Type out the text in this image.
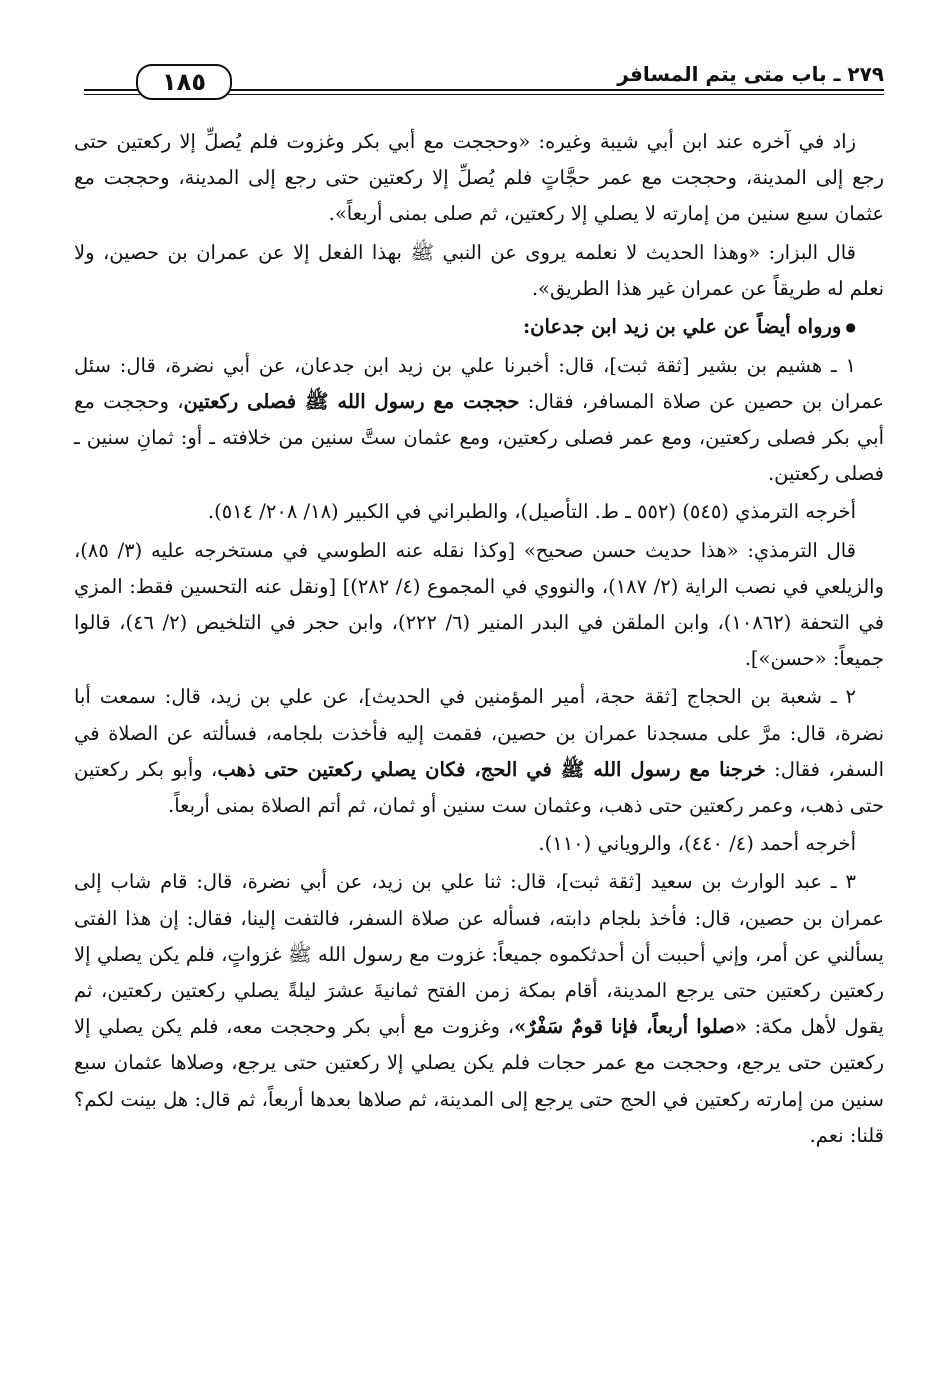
١٨٥	٢٧٩ ـ باب متى يتم المسافر

زاد في آخره عند ابن أبي شيبة وغيره: «وحججت مع أبي بكر وغزوت فلم يُصلِّ إلا ركعتين حتى رجع إلى المدينة، وحججت مع عمر حجَّاتٍ فلم يُصلِّ إلا ركعتين حتى رجع إلى المدينة، وحججت مع عثمان سبع سنين من إمارته لا يصلي إلا ركعتين، ثم صلى بمنى أربعاً».

قال البزار: «وهذا الحديث لا نعلمه يروى عن النبي ﷺ بهذا الفعل إلا عن عمران بن حصين، ولا نعلم له طريقاً عن عمران غير هذا الطريق».

● ورواه أيضاً عن علي بن زيد ابن جدعان:

١ ـ هشيم بن بشير [ثقة ثبت]، قال: أخبرنا علي بن زيد ابن جدعان، عن أبي نضرة، قال: سئل عمران بن حصين عن صلاة المسافر، فقال: حججت مع رسول الله ﷺ فصلى ركعتين، وحججت مع أبي بكر فصلى ركعتين، ومع عمر فصلى ركعتين، ومع عثمان ستَّ سنين من خلافته ـ أو: ثمانِ سنين ـ فصلى ركعتين.

أخرجه الترمذي (٥٤٥) (٥٥٢ ـ ط. التأصيل)، والطبراني في الكبير (١٨/ ٢٠٨/ ٥١٤).

قال الترمذي: «هذا حديث حسن صحيح» [وكذا نقله عنه الطوسي في مستخرجه عليه (٣/ ٨٥)، والزيلعي في نصب الراية (٢/ ١٨٧)، والنووي في المجموع (٤/ ٢٨٢)] [ونقل عنه التحسين فقط: المزي في التحفة (١٠٨٦٢)، وابن الملقن في البدر المنير (٦/ ٢٢٢)، وابن حجر في التلخيص (٢/ ٤٦)، قالوا جميعاً: «حسن»].

٢ ـ شعبة بن الحجاج [ثقة حجة، أمير المؤمنين في الحديث]، عن علي بن زيد، قال: سمعت أبا نضرة، قال: مرَّ على مسجدنا عمران بن حصين، فقمت إليه فأخذت بلجامه، فسألته عن الصلاة في السفر، فقال: خرجنا مع رسول الله ﷺ في الحج، فكان يصلي ركعتين حتى ذهب، وأبو بكر ركعتين حتى ذهب، وعمر ركعتين حتى ذهب، وعثمان ست سنين أو ثمان، ثم أتم الصلاة بمنى أربعاً.

أخرجه أحمد (٤/ ٤٤٠)، والروياني (١١٠).

٣ ـ عبد الوارث بن سعيد [ثقة ثبت]، قال: ثنا علي بن زيد، عن أبي نضرة، قال: قام شاب إلى عمران بن حصين، قال: فأخذ بلجام دابته، فسأله عن صلاة السفر، فالتفت إلينا، فقال: إن هذا الفتى يسألني عن أمر، وإني أحببت أن أحدثكموه جميعاً: غزوت مع رسول الله ﷺ غزواتٍ، فلم يكن يصلي إلا ركعتين ركعتين حتى يرجع المدينة، أقام بمكة زمن الفتح ثمانيةَ عشرَ ليلةً يصلي ركعتين ركعتين، ثم يقول لأهل مكة: «صلوا أربعاً، فإنا قومٌ سَفْرٌ»، وغزوت مع أبي بكر وحججت معه، فلم يكن يصلي إلا ركعتين حتى يرجع، وحججت مع عمر حجات فلم يكن يصلي إلا ركعتين حتى يرجع، وصلاها عثمان سبع سنين من إمارته ركعتين في الحج حتى يرجع إلى المدينة، ثم صلاها بعدها أربعاً، ثم قال: هل بينت لكم؟ قلنا: نعم.
